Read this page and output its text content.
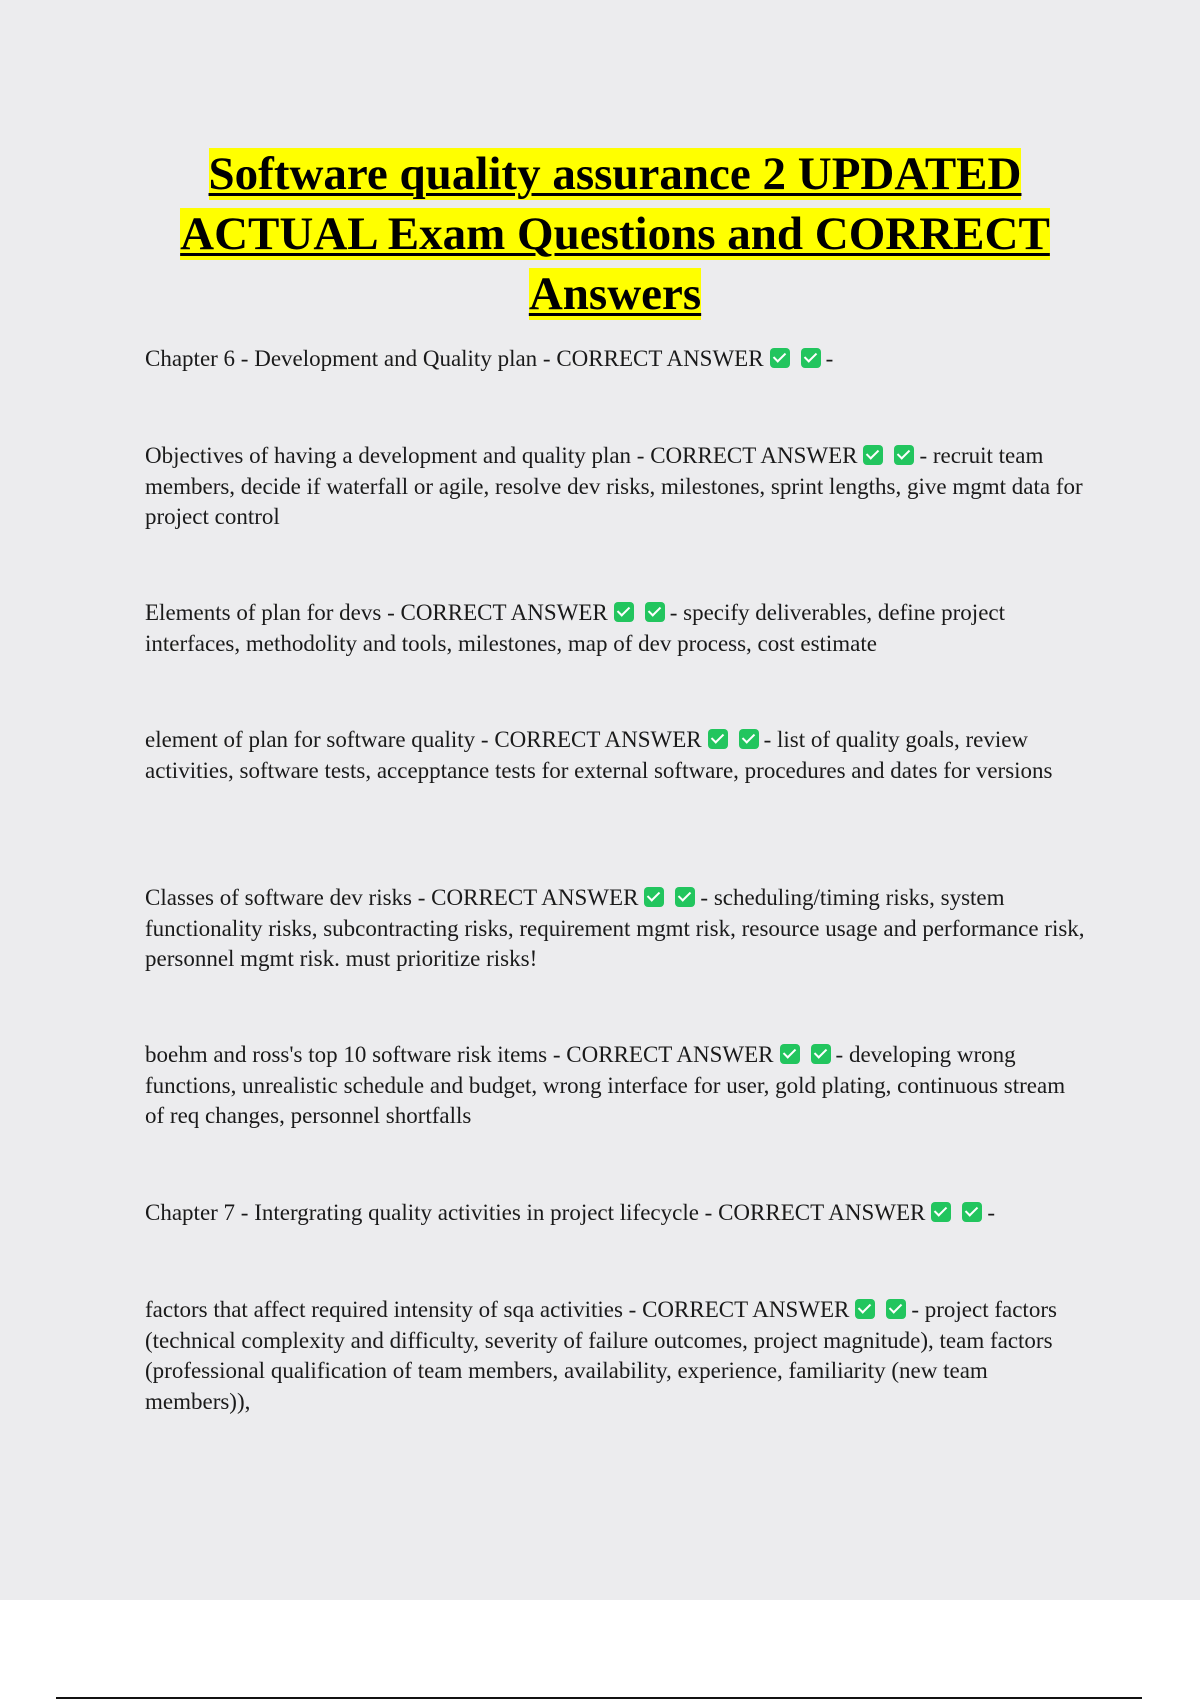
Software quality assurance 2 UPDATED ACTUAL Exam Questions and CORRECT Answers
Chapter 6 - Development and Quality plan - CORRECT ANSWER	-
Objectives of having a development and quality plan - CORRECT ANSWER	- recruit team members, decide if waterfall or agile, resolve dev risks, milestones, sprint lengths, give mgmt data for project control
Elements of plan for devs - CORRECT ANSWER	- specify deliverables, define project interfaces, methodolity and tools, milestones, map of dev process, cost estimate
element of plan for software quality - CORRECT ANSWER	- list of quality goals, review activities, software tests, accepptance tests for external software, procedures and dates for versions
Classes of software dev risks - CORRECT ANSWER	- scheduling/timing risks, system functionality risks, subcontracting risks, requirement mgmt risk, resource usage and performance risk, personnel mgmt risk. must prioritize risks!
boehm and ross's top 10 software risk items - CORRECT ANSWER	- developing wrong functions, unrealistic schedule and budget, wrong interface for user, gold plating, continuous stream of req changes, personnel shortfalls
Chapter 7 - Intergrating quality activities in project lifecycle - CORRECT ANSWER	-
factors that affect required intensity of sqa activities - CORRECT ANSWER	- project factors (technical complexity and difficulty, severity of failure outcomes, project magnitude), team factors (professional qualification of team members, availability, experience, familiarity (new team members)),
